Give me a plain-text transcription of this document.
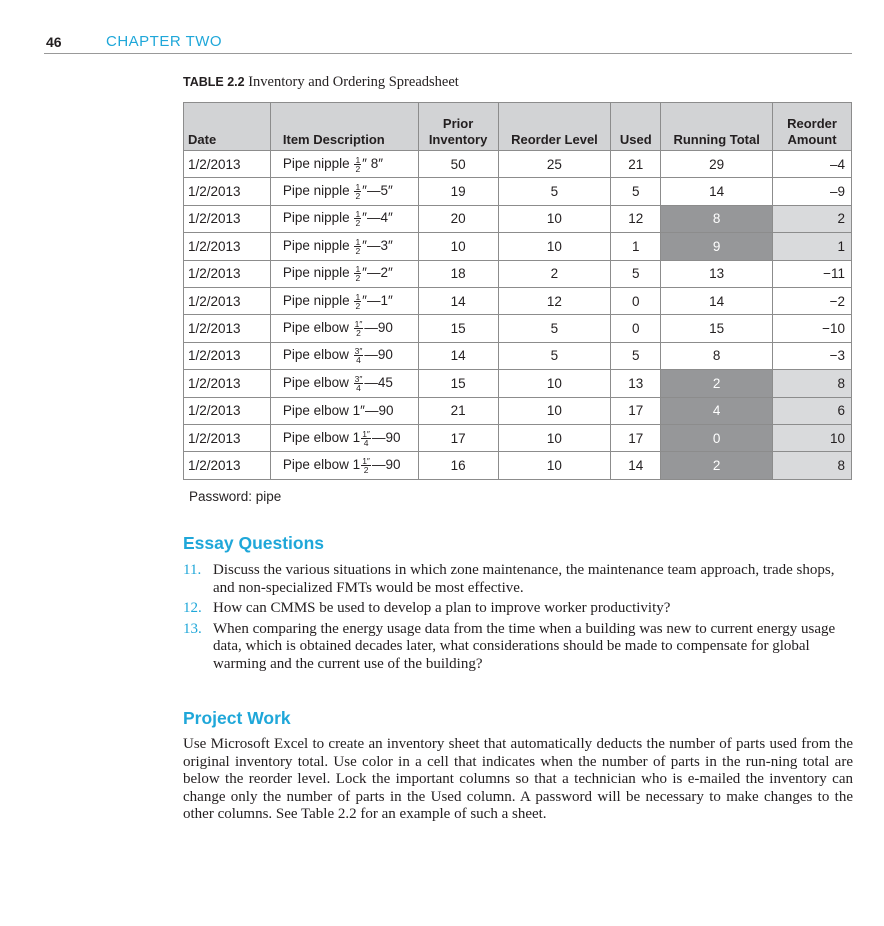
46	CHAPTER TWO
TABLE 2.2 Inventory and Ordering Spreadsheet
Date	Item Description	Prior Inventory	Reorder Level	Used	Running Total	Reorder Amount
1/2/2013	Pipe nipple $\frac{1}{2}$ ″ 8″	50	25	21	29	–4
1/2/2013	Pipe nipple $\frac{1}{2}$ ″—5″	19	5	5	14	–9
1/2/2013	Pipe nipple $\frac{1}{2}$ ″—4″	20	10	12	8	2
1/2/2013	Pipe nipple $\frac{1}{2}$ ″—3″	10	10	1	9	1
1/2/2013	Pipe nipple $\frac{1}{2}$ ″—2″	18	2	5	13	−11
1/2/2013	Pipe nipple $\frac{1}{2}$ ″—1″	14	12	0	14	−2
1/2/2013	Pipe elbow $\frac{1''}{2}$ —90	15	5	0	15	−10
1/2/2013	Pipe elbow $\frac{3''}{4}$ —90	14	5	5	8	−3
1/2/2013	Pipe elbow $\frac{3''}{4}$ —45	15	10	13	2	8
1/2/2013	Pipe elbow 1″—90	21	10	17	4	6
1/2/2013	Pipe elbow $1 \frac{1''}{4}$ —90	17	10	17	0	10
1/2/2013	Pipe elbow $1 \frac{1''}{2}$ —90	16	10	14	2	8
Password: pipe
Essay Questions
11. Discuss the various situations in which zone maintenance, the maintenance team approach, trade shops, and non-specialized FMTs would be most effective.
12. How can CMMS be used to develop a plan to improve worker productivity?
13. When comparing the energy usage data from the time when a building was new to current energy usage data, which is obtained decades later, what considerations should be made to compensate for global warming and the current use of the building?
Project Work
Use Microsoft Excel to create an inventory sheet that automatically deducts the number of parts used from the original inventory total. Use color in a cell that indicates when the number of parts in the run-ning total are below the reorder level. Lock the important columns so that a technician who is e-mailed the inventory can change only the number of parts in the Used column. A password will be necessary to make changes to the other columns. See Table 2.2 for an example of such a sheet.
